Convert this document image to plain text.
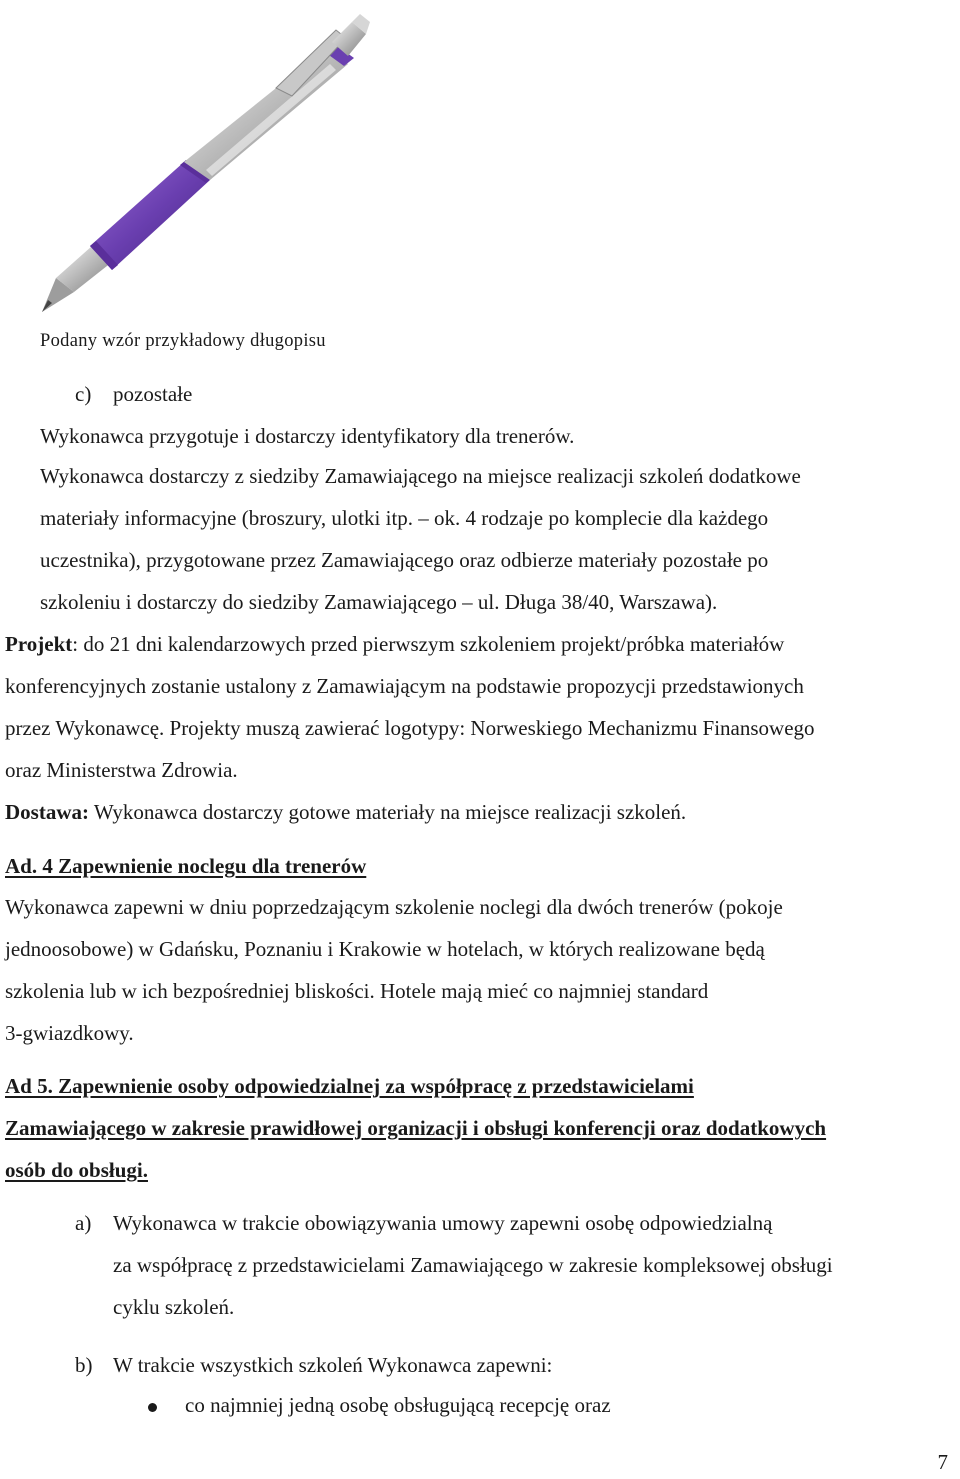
Podany wzór przykładowy długopisu
c) pozostałe
Wykonawca przygotuje i dostarczy identyfikatory dla trenerów.
Wykonawca dostarczy z siedziby Zamawiającego na miejsce realizacji szkoleń dodatkowe
materiały informacyjne (broszury, ulotki itp. – ok. 4 rodzaje po komplecie dla każdego
uczestnika), przygotowane przez Zamawiającego oraz odbierze materiały pozostałe po
szkoleniu i dostarczy do siedziby Zamawiającego – ul. Długa 38/40, Warszawa).
Projekt: do 21 dni kalendarzowych przed pierwszym szkoleniem projekt/próbka materiałów
konferencyjnych zostanie ustalony z Zamawiającym na podstawie propozycji przedstawionych
przez Wykonawcę. Projekty muszą zawierać logotypy: Norweskiego Mechanizmu Finansowego
oraz Ministerstwa Zdrowia.
Dostawa: Wykonawca dostarczy gotowe materiały na miejsce realizacji szkoleń.
Ad. 4 Zapewnienie noclegu dla trenerów
Wykonawca zapewni w dniu poprzedzającym szkolenie noclegi dla dwóch trenerów (pokoje
jednoosobowe) w Gdańsku, Poznaniu i Krakowie w hotelach, w których realizowane będą
szkolenia lub w ich bezpośredniej bliskości. Hotele mają mieć co najmniej standard
3-gwiazdkowy.
Ad 5. Zapewnienie osoby odpowiedzialnej za współpracę z przedstawicielami
Zamawiającego w zakresie prawidłowej organizacji i obsługi konferencji oraz dodatkowych
osób do obsługi.
a) Wykonawca w trakcie obowiązywania umowy zapewni osobę odpowiedzialną
za współpracę z przedstawicielami Zamawiającego w zakresie kompleksowej obsługi
cyklu szkoleń.
b) W trakcie wszystkich szkoleń Wykonawca zapewni:
co najmniej jedną osobę obsługującą recepcję oraz
7
